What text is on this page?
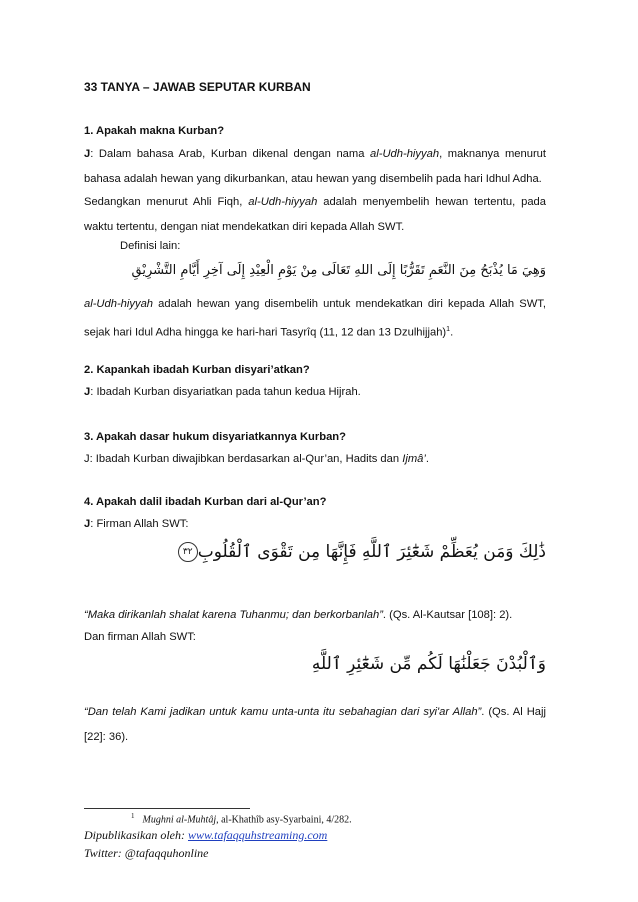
33 TANYA – JAWAB SEPUTAR KURBAN

1. Apakah makna Kurban?

J: Dalam bahasa Arab, Kurban dikenal dengan nama al-Udh-hiyyah, maknanya menurut bahasa adalah hewan yang dikurbankan, atau hewan yang disembelih pada hari Idhul Adha.

Sedangkan menurut Ahli Fiqh, al-Udh-hiyyah adalah menyembelih hewan tertentu, pada waktu tertentu, dengan niat mendekatkan diri kepada Allah SWT.

Definisi lain:

وَهِيَ مَا يُذْبَحُ مِنَ النَّعَمِ تَقَرُّبًا إِلَى اللهِ تَعَالَى مِنْ يَوْمِ الْعِيْدِ إِلَى آخِرِ أَيَّامِ التَّشْرِيْقِ

al-Udh-hiyyah adalah hewan yang disembelih untuk mendekatkan diri kepada Allah SWT, sejak hari Idul Adha hingga ke hari-hari Tasyrîq (11, 12 dan 13 Dzulhijjah)$^1$.

2. Kapankah ibadah Kurban disyari’atkan?

J: Ibadah Kurban disyariatkan pada tahun kedua Hijrah.

3. Apakah dasar hukum disyariatkannya Kurban?

J: Ibadah Kurban diwajibkan berdasarkan al-Qur’an, Hadits dan Ijmâ’.

4. Apakah dalil ibadah Kurban dari al-Qur’an?

J: Firman Allah SWT:

ذَٰلِكَ وَمَن يُعَظِّمْ شَعَٰٓئِرَ ٱللَّهِ فَإِنَّهَا مِن تَقْوَى ٱلْقُلُوبِ٣٢

“Maka dirikanlah shalat karena Tuhanmu; dan berkorbanlah”. (Qs. Al-Kautsar [108]: 2).

Dan firman Allah SWT:

وَٱلْبُدْنَ جَعَلْنَٰهَا لَكُم مِّن شَعَٰٓئِرِ ٱللَّهِ

“Dan telah Kami jadikan untuk kamu unta-unta itu sebahagian dari syi'ar Allah”. (Qs. Al Hajj [22]: 36).

$^1$ Mughni al-Muhtâj, al-Khathîb asy-Syarbaini, 4/282.
Dipublikasikan oleh: www.tafaqquhstreaming.com
Twitter: @tafaqquhonline
